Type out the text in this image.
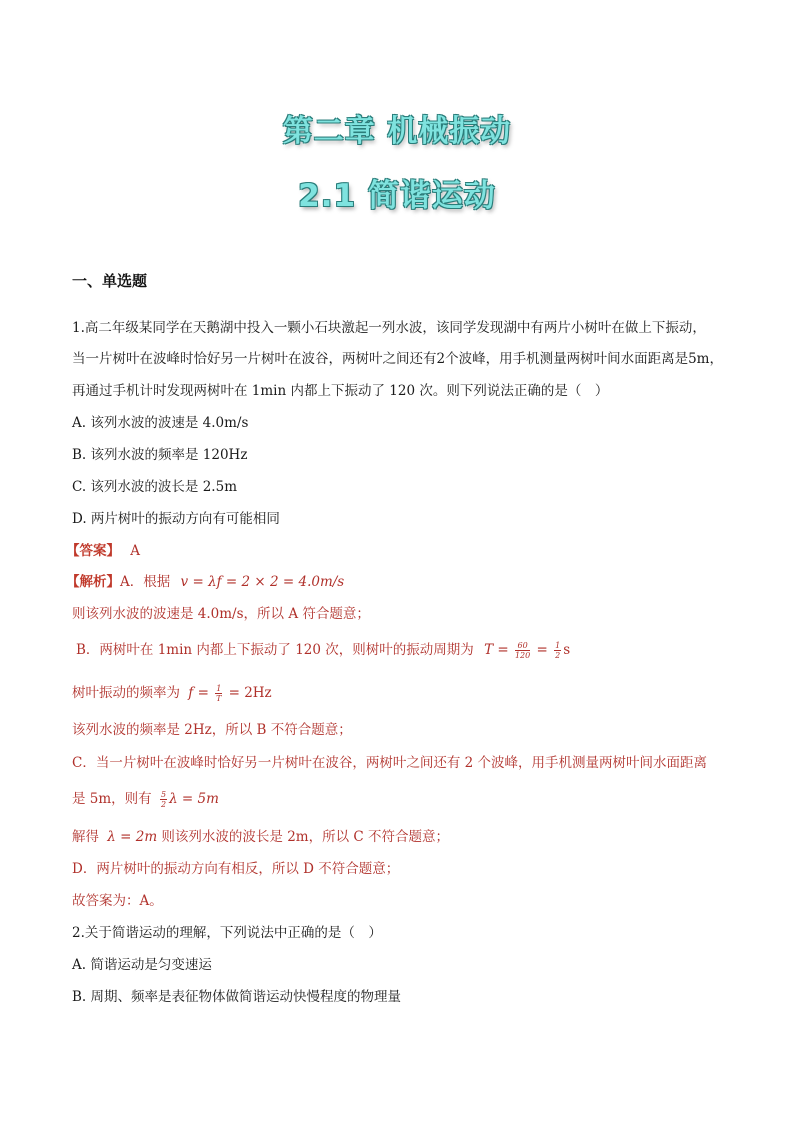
第二章 机械振动
2.1 简谐运动
一、单选题
1.高二年级某同学在天鹅湖中投入一颗小石块激起一列水波，该同学发现湖中有两片小树叶在做上下振动，
当一片树叶在波峰时恰好另一片树叶在波谷，两树叶之间还有2个波峰，用手机测量两树叶间水面距离是5m，
再通过手机计时发现两树叶在 1min 内都上下振动了 120 次。则下列说法正确的是（　）
A. 该列水波的波速是 4.0m/s
B. 该列水波的频率是 120Hz
C. 该列水波的波长是 2.5m
D. 两片树叶的振动方向有可能相同
【答案】 A
【解析】A．根据 v = λf = 2 × 2 = 4.0m/s
则该列水波的波速是 4.0m/s，所以 A 符合题意；
B．两树叶在 1min 内都上下振动了 120 次，则树叶的振动周期为 $T = \frac{60}{120} = \frac{1}{2}$ s
树叶振动的频率为 $f = \frac{1}{T} = 2Hz$
该列水波的频率是 2Hz，所以 B 不符合题意；
C．当一片树叶在波峰时恰好另一片树叶在波谷，两树叶之间还有 2 个波峰，用手机测量两树叶间水面距离
是 5m，则有 $\frac{5}{2}$ λ = 5m
解得 λ = 2m 则该列水波的波长是 2m，所以 C 不符合题意；
D．两片树叶的振动方向有相反，所以 D 不符合题意；
故答案为：A。
2.关于简谐运动的理解，下列说法中正确的是（　）
A. 简谐运动是匀变速运
B. 周期、频率是表征物体做简谐运动快慢程度的物理量
